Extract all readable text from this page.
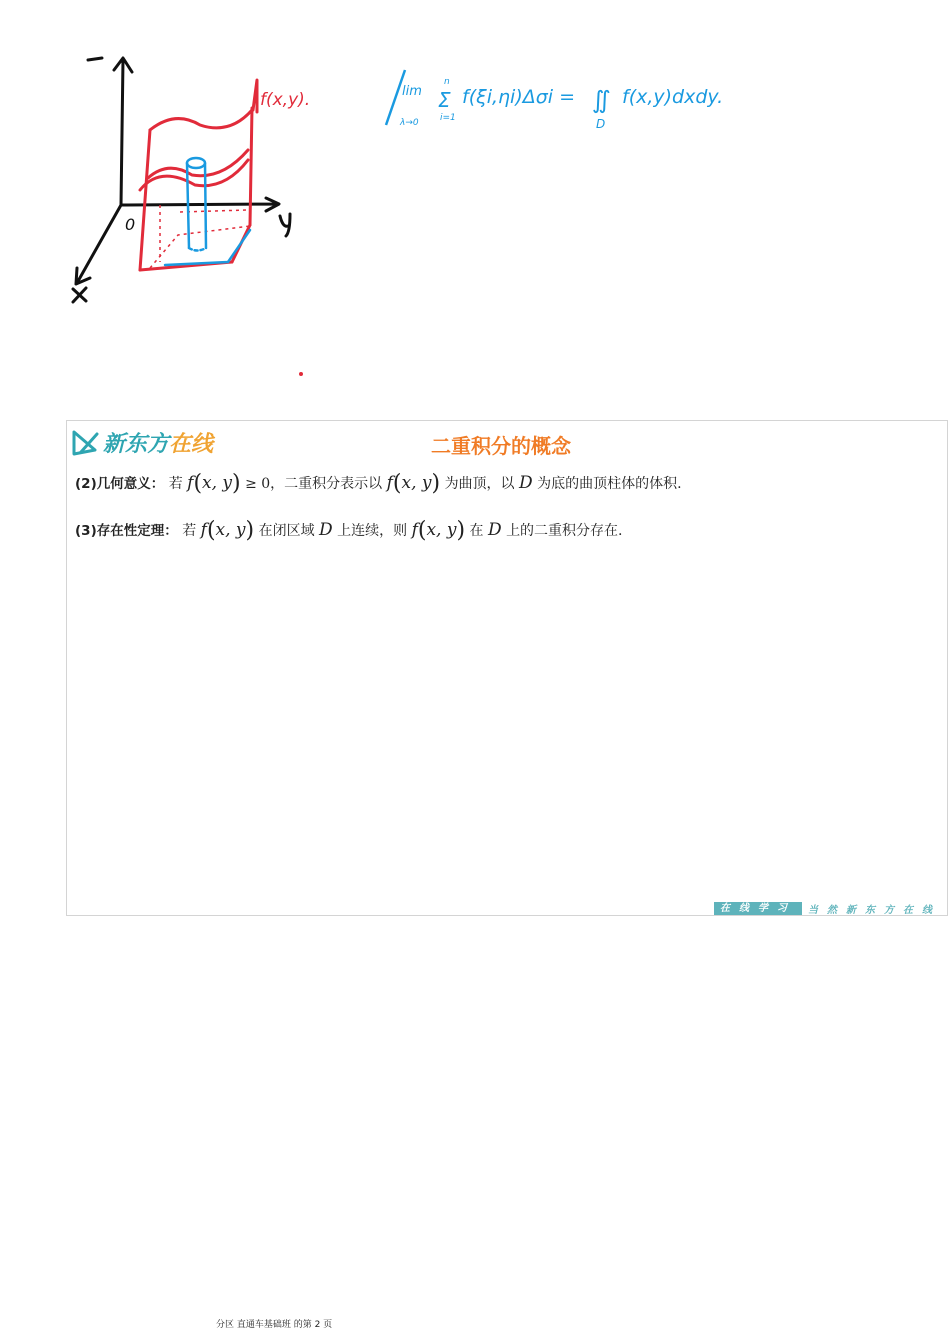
0
f(x,y).	lim
λ→0
n
Σ
i=1
f(ξi,ηi)Δσi = ∬
D
f(x,y)dxdy.
新东方在线	二重积分的概念
(2)几何意义： 若 f(x, y) ≥ 0，二重积分表示以 f(x, y) 为曲顶，以 D 为底的曲顶柱体的体积.
(3)存在性定理： 若 f(x, y) 在闭区域 D 上连续，则 f(x, y) 在 D 上的二重积分存在.
在线学习	当然新东方在线
分区 直通车基础班 的第 2 页
